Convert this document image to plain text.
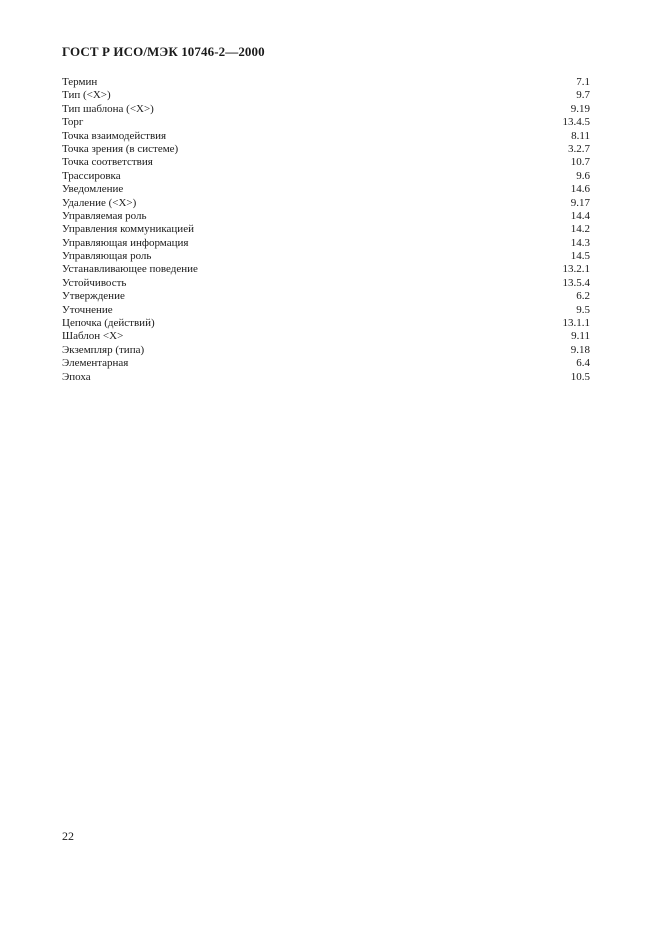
ГОСТ Р ИСО/МЭК 10746-2—2000
Термин	7.1
Тип (<X>)	9.7
Тип шаблона (<X>)	9.19
Торг	13.4.5
Точка взаимодействия	8.11
Точка зрения (в системе)	3.2.7
Точка соответствия	10.7
Трассировка	9.6
Уведомление	14.6
Удаление (<X>)	9.17
Управляемая роль	14.4
Управления коммуникацией	14.2
Управляющая информация	14.3
Управляющая роль	14.5
Устанавливающее поведение	13.2.1
Устойчивость	13.5.4
Утверждение	6.2
Уточнение	9.5
Цепочка (действий)	13.1.1
Шаблон <X>	9.11
Экземпляр (типа)	9.18
Элементарная	6.4
Эпоха	10.5
22
